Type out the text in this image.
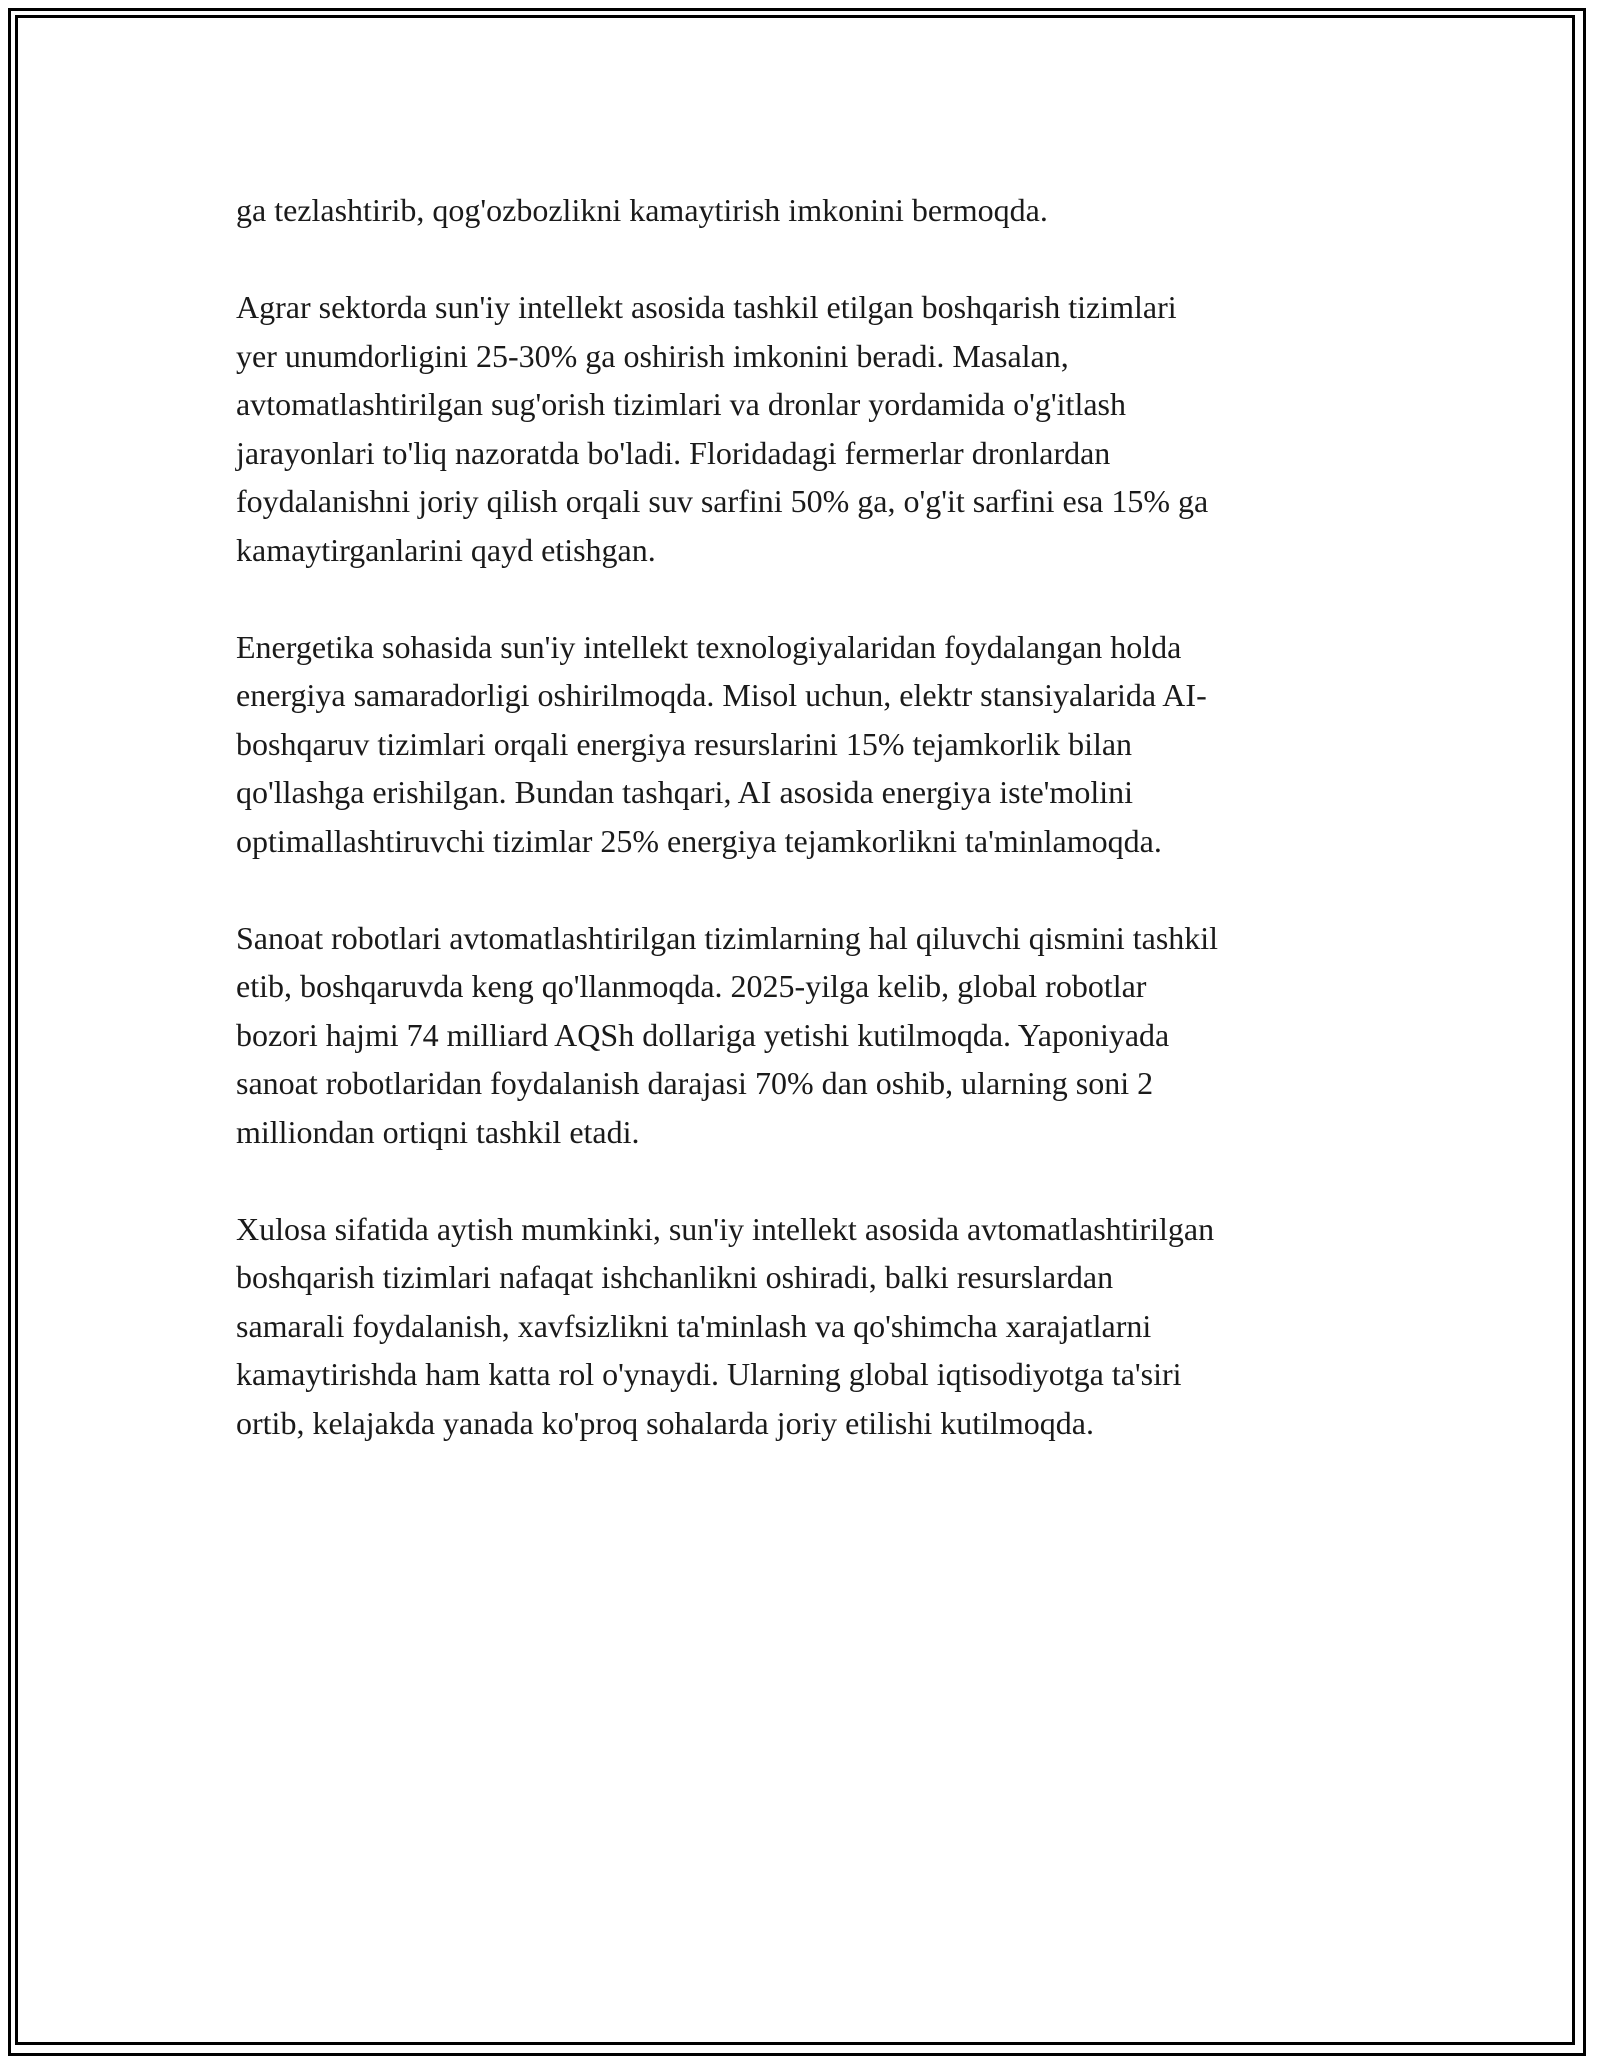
ga tezlashtirib, qog'ozbozlikni kamaytirish imkonini bermoqda.
Agrar sektorda sun'iy intellekt asosida tashkil etilgan boshqarish tizimlari
yer unumdorligini 25-30% ga oshirish imkonini beradi. Masalan,
avtomatlashtirilgan sug'orish tizimlari va dronlar yordamida o'g'itlash
jarayonlari to'liq nazoratda bo'ladi. Floridadagi fermerlar dronlardan
foydalanishni joriy qilish orqali suv sarfini 50% ga, o'g'it sarfini esa 15% ga
kamaytirganlarini qayd etishgan.
Energetika sohasida sun'iy intellekt texnologiyalaridan foydalangan holda
energiya samaradorligi oshirilmoqda. Misol uchun, elektr stansiyalarida AI-
boshqaruv tizimlari orqali energiya resurslarini 15% tejamkorlik bilan
qo'llashga erishilgan. Bundan tashqari, AI asosida energiya iste'molini
optimallashtiruvchi tizimlar 25% energiya tejamkorlikni ta'minlamoqda.
Sanoat robotlari avtomatlashtirilgan tizimlarning hal qiluvchi qismini tashkil
etib, boshqaruvda keng qo'llanmoqda. 2025-yilga kelib, global robotlar
bozori hajmi 74 milliard AQSh dollariga yetishi kutilmoqda. Yaponiyada
sanoat robotlaridan foydalanish darajasi 70% dan oshib, ularning soni 2
milliondan ortiqni tashkil etadi.
Xulosa sifatida aytish mumkinki, sun'iy intellekt asosida avtomatlashtirilgan
boshqarish tizimlari nafaqat ishchanlikni oshiradi, balki resurslardan
samarali foydalanish, xavfsizlikni ta'minlash va qo'shimcha xarajatlarni
kamaytirishda ham katta rol o'ynaydi. Ularning global iqtisodiyotga ta'siri
ortib, kelajakda yanada ko'proq sohalarda joriy etilishi kutilmoqda.
